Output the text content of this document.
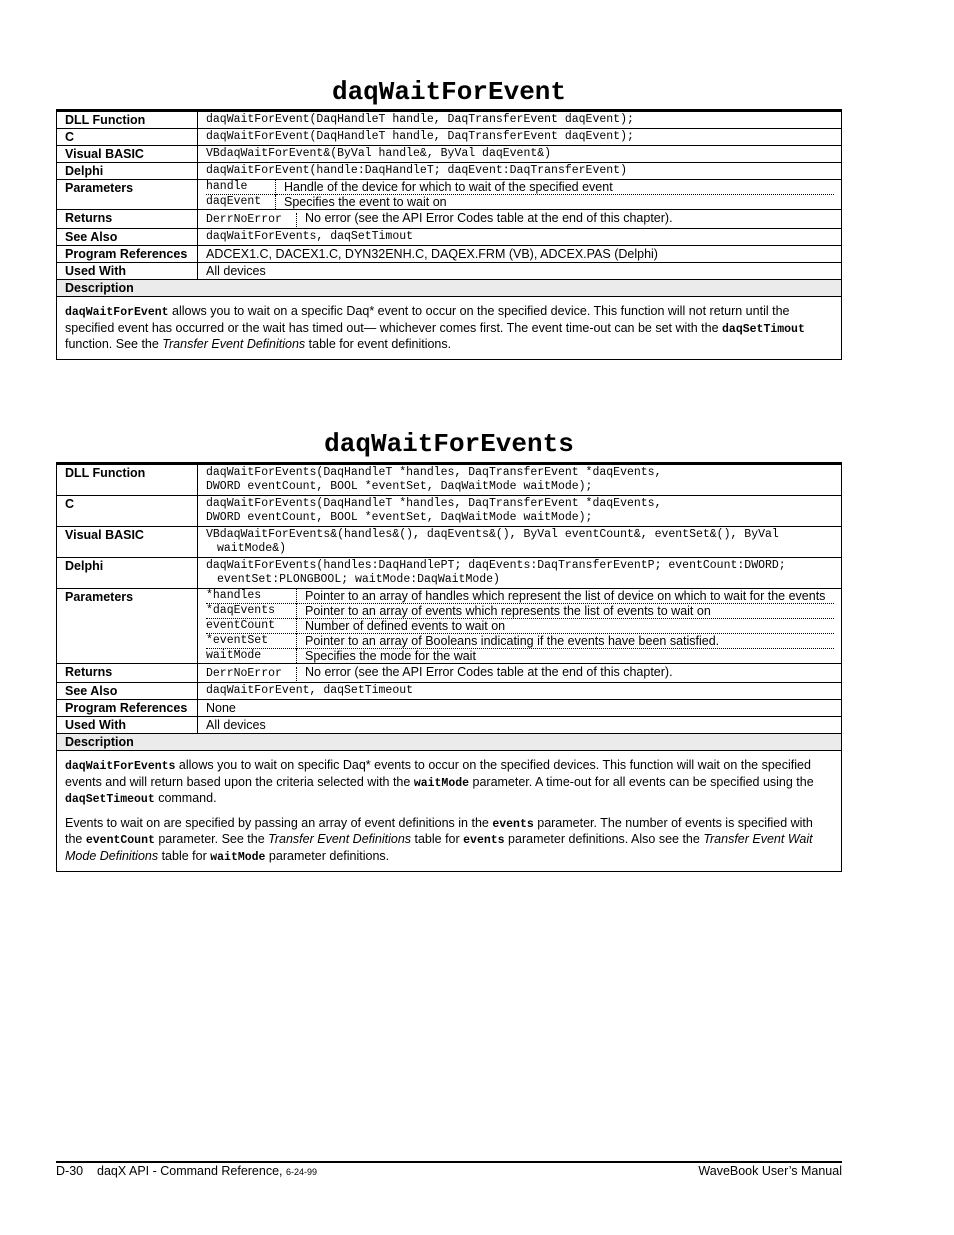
daqWaitForEvent
DLL Function	daqWaitForEvent(DaqHandleT handle, DaqTransferEvent daqEvent);
C	daqWaitForEvent(DaqHandleT handle, DaqTransferEvent daqEvent);
Visual BASIC	VBdaqWaitForEvent&(ByVal handle&, ByVal daqEvent&)
Delphi	daqWaitForEvent(handle:DaqHandleT; daqEvent:DaqTransferEvent)
Parameters		handle	Handle of the device for which to wait of the specified event
daqEvent	Specifies the event to wait on

Returns	DerrNoError No error (see the API Error Codes table at the end of this chapter).
See Also	daqWaitForEvents, daqSetTimout
Program References	ADCEX1.C, DACEX1.C, DYN32ENH.C, DAQEX.FRM (VB), ADCEX.PAS (Delphi)
Used With	All devices
Description

daqWaitForEvent allows you to wait on a specific Daq* event to occur on the specified device. This function will not return until the specified event has occurred or the wait has timed out— whichever comes first. The event time-out can be set with the daqSetTimout function. See the Transfer Event Definitions table for event definitions.

daqWaitForEvents
DLL Function	daqWaitForEvents(DaqHandleT *handles, DaqTransferEvent *daqEvents,
DWORD eventCount, BOOL *eventSet, DaqWaitMode waitMode);

C	daqWaitForEvents(DaqHandleT *handles, DaqTransferEvent *daqEvents,
DWORD eventCount, BOOL *eventSet, DaqWaitMode waitMode);

Visual BASIC	VBdaqWaitForEvents&(handles&(), daqEvents&(), ByVal eventCount&, eventSet&(), ByVal
waitMode&)

Delphi	daqWaitForEvents(handles:DaqHandlePT; daqEvents:DaqTransferEventP; eventCount:DWORD;
eventSet:PLONGBOOL; waitMode:DaqWaitMode)

Parameters		*handles	Pointer to an array of handles which represent the list of device on which to wait for the events
*daqEvents	Pointer to an array of events which represents the list of events to wait on
eventCount	Number of defined events to wait on
*eventSet	Pointer to an array of Booleans indicating if the events have been satisfied.
waitMode	Specifies the mode for the wait

Returns	DerrNoError No error (see the API Error Codes table at the end of this chapter).
See Also	daqWaitForEvent, daqSetTimeout
Program References	None
Used With	All devices
Description

daqWaitForEvents allows you to wait on specific Daq* events to occur on the specified devices. This function will wait on the specified events and will return based upon the criteria selected with the waitMode parameter. A time-out for all events can be specified using the daqSetTimeout command.

Events to wait on are specified by passing an array of event definitions in the events parameter. The number of events is specified with the eventCount parameter. See the Transfer Event Definitions table for events parameter definitions. Also see the Transfer Event Wait Mode Definitions table for waitMode parameter definitions.

D-30 daqX API - Command Reference, 6-24-99	WaveBook User’s Manual
